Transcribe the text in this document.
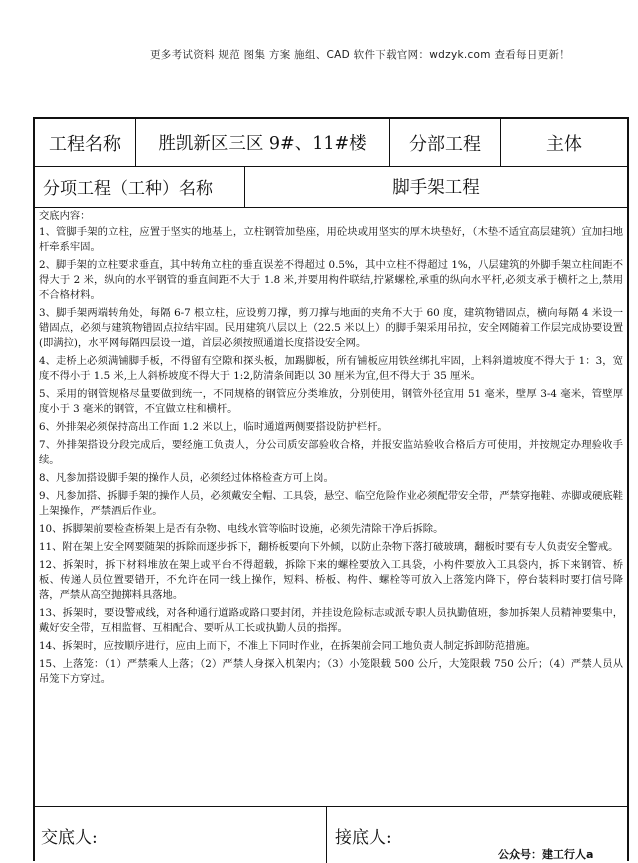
更多考试资料 规范 图集 方案 施组、CAD 软件下载官网：wdzyk.com 查看每日更新！
工程名称	胜凯新区三区 9#、11#楼	分部工程	主体
分项工程（工种）名称	脚手架工程
交底内容：

1、管脚手架的立柱，应置于坚实的地基上，立柱钢管加垫座，用砼块或用坚实的厚木块垫好，（木垫不适宜高层建筑）宜加扫地杆牵系牢固。

2、脚手架的立柱要求垂直，其中转角立柱的垂直误差不得超过 0.5%，其中立柱不得超过 1%，八层建筑的外脚手架立柱间距不得大于 2 米，纵向的水平钢管的垂直间距不大于 1.8 米,并要用构件联结,拧紧螺栓,承重的纵向水平杆,必须支承于横杆之上,禁用不合格材料。

3、脚手架两端转角处，每隔 6-7 根立柱，应设剪刀撑，剪刀撑与地面的夹角不大于 60 度，建筑物错固点，横向每隔 4 米设一错固点，必须与建筑物错固点拉结牢固。民用建筑八层以上（22.5 米以上）的脚手架采用吊拉，安全网随着工作层完成协要设置(即满拉)，水平网每隔四层设一道，首层必须按照通道长度搭设安全网。

4、走桥上必须满铺脚手板，不得留有空隙和探头板，加踢脚板，所有铺板应用铁丝绑扎牢固，上料斜道坡度不得大于 1：3，宽度不得小于 1.5 米,上人斜桥坡度不得大于 1:2,防清条间距以 30 厘米为宜,但不得大于 35 厘米。

5、采用的钢管规格尽量要做到统一，不同规格的钢管应分类堆放，分别使用，钢管外径宜用 51 毫米，壁厚 3-4 毫米，管壁厚度小于 3 毫米的钢管，不宜做立柱和横杆。

6、外排架必须保持高出工作面 1.2 米以上，临时通道两侧要搭设防护栏杆。

7、外排架搭设分段完成后，要经施工负责人，分公司质安部验收合格，并报安监站验收合格后方可使用，并按规定办理验收手续。

8、凡参加搭设脚手架的操作人员，必须经过体格检查方可上岗。

9、凡参加搭、拆脚手架的操作人员，必须戴安全帽、工具袋，悬空、临空危险作业必须配带安全带，严禁穿拖鞋、赤脚或硬底鞋上架操作，严禁酒后作业。

10、拆脚架前要检查桥架上是否有杂物、电线水管等临时设施，必须先清除干净后拆除。

11、附在架上安全网要随架的拆除而逐步拆下，翻桥板要向下外倾，以防止杂物下落打破玻璃，翻板时要有专人负责安全警戒。

12、拆架时，拆下材料堆放在架上或平台不得超载，拆除下来的螺栓要放入工具袋，小构件要放入工具袋内，拆下来钢管、桥板、传递人员位置要错开，不允许在同一线上操作，短料、桥板、构件、螺栓等可放入上落笼内降下，停台装料时要打信号降落，严禁从高空抛掷料具落地。

13、拆架时，要设警戒线，对各种通行道路或路口要封闭，并挂设危险标志或派专职人员执勤值班，参加拆架人员精神要集中，戴好安全带，互相监督、互相配合、要听从工长或执勤人员的指挥。

14、拆架时，应按顺序进行，应由上而下，不准上下同时作业，在拆架前会同工地负责人制定拆卸防范措施。

15、上落笼：（1）严禁乘人上落；（2）严禁人身探入机架内；（3）小笼限载 500 公斤，大笼限载 750 公斤；（4）严禁人员从吊笼下方穿过。

交底人:	接底人:
公众号：建工行人a
